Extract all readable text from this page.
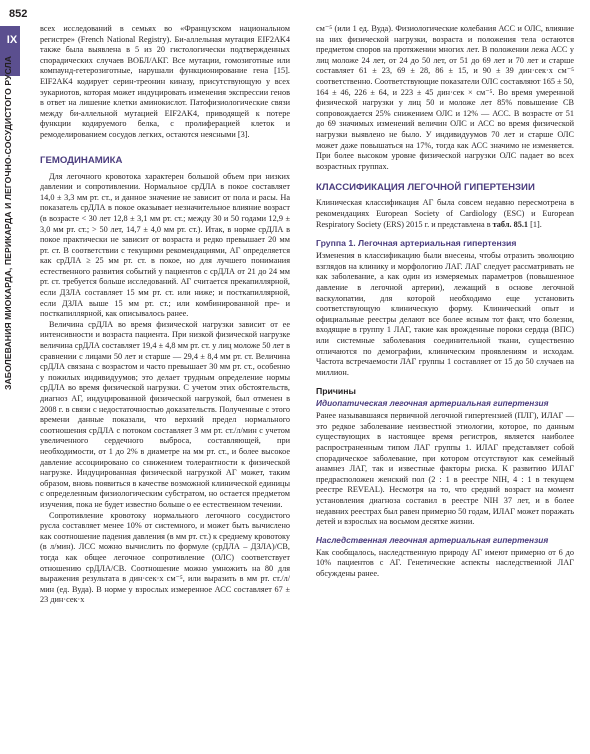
852
IX
ЗАБОЛЕВАНИЯ МИОКАРДА, ПЕРИКАРДА И ЛЕГОЧНО-СОСУДИСТОГО РУСЛА

всех исследований в семьях во «Французском национальном регистре» (French National Registry). Би-аллельная мутация EIF2AK4 также была выявлена в 5 из 20 гистологически подтвержденных спорадических случаев ВОБЛ/АКГ. Все мутации, гомозиготные или компаунд-гетерозиготные, нарушали функционирование гена [15]. EIF2AK4 кодирует серин-треонин киназу, присутствующую у всех эукариотов, которая может индуцировать изменения экспрессии генов в ответ на лишение клетки аминокислот. Патофизиологические связи между би-аллельной мутацией EIF2AK4, приводящей к потере функции кодируемого белка, с пролиферацией клеток и ремоделированием сосудов легких, остаются неясными [3].

ГЕМОДИНАМИКА

Для легочного кровотока характерен большой объем при низких давлении и сопротивлении. Нормальное срДЛА в покое составляет 14,0 ± 3,3 мм рт. ст., и данное значение не зависит от пола и расы. На показатель срДЛА в покое оказывает незначительное влияние возраст (в возрасте < 30 лет 12,8 ± 3,1 мм рт. ст.; между 30 и 50 годами 12,9 ± 3,0 мм рт. ст.; > 50 лет, 14,7 ± 4,0 мм рт. ст.). Итак, в норме срДЛА в покое практически не зависит от возраста и редко превышает 20 мм рт. ст. В соответствии с текущими рекомендациями, АГ определяется как срДЛА ≥ 25 мм рт. ст. в покое, но для лучшего понимания естественного развития событий у пациентов с срДЛА от 21 до 24 мм рт. ст. требуется больше исследований. АГ считается прекапиллярной, если ДЗЛА составляет 15 мм рт. ст. или ниже; и посткапиллярной, если ДЗЛА выше 15 мм рт. ст.; или комбинированной пре- и посткапиллярной, как описывалось ранее.

Величина срДЛА во время физической нагрузки зависит от ее интенсивности и возраста пациента. При низкой физической нагрузке величина срДЛА составляет 19,4 ± 4,8 мм рт. ст. у лиц моложе 50 лет в сравнении с лицами 50 лет и старше — 29,4 ± 8,4 мм рт. ст. Величина срДЛА связана с возрастом и часто превышает 30 мм рт. ст., особенно у пожилых индивидуумов; это делает трудным определение нормы срДЛА во время физической нагрузки. С учетом этих обстоятельств, диагноз АГ, индуцированной физической нагрузкой, был отменен в 2008 г. в связи с недостаточностью доказательств. Полученные с этого времени данные показали, что верхний предел нормального соотношения срДЛА с потоком составляет 3 мм рт. ст./л/мин с учетом увеличенного сердечного выброса, составляющей, при необходимости, от 1 до 2% в диаметре на мм рт. ст., и более высокое давление ассоциировано со снижением толерантности к физической нагрузке. Индуцированная физической нагрузкой АГ может, таким образом, вновь появиться в качестве возможной клинической единицы с определенным физиологическим субстратом, но остается предметом изучения, пока не будет известно больше о ее естественном течении.

Сопротивление кровотоку нормального легочного сосудистого русла составляет менее 10% от системного, и может быть вычислено как соотношение падения давления (в мм рт. ст.) к среднему кровотоку (в л/мин). ЛСС можно вычислить по формуле (срДЛА – ДЗЛА)/СВ, тогда как общее легочное сопротивление (ОЛС) соответствует отношению срДЛА/СВ. Соотношение можно умножить на 80 для выражения результата в дин·сек·х см⁻⁵, или выразить в мм рт. ст./л/мин (ед. Вуда). В норме у взрослых измеренное АСС составляет 67 ± 23 дин·сек·х

см⁻⁵ (или 1 ед. Вуда). Физиологические колебания АСС и ОЛС, влияние на них физической нагрузки, возраста и положения тела остаются предметом споров на протяжении многих лет. В положении лежа АСС у лиц моложе 24 лет, от 24 до 50 лет, от 51 до 69 лет и 70 лет и старше составляет 61 ± 23, 69 ± 28, 86 ± 15, и 90 ± 39 дин·сек·х см⁻⁵ соответственно. Соответствующие показатели ОЛС составляют 165 ± 50, 164 ± 46, 226 ± 64, и 223 ± 45 дин·сек × см⁻⁵. Во время умеренной физической нагрузки у лиц 50 и моложе лет 85% повышение СВ сопровождается 25% снижением ОЛС и 12% — АСС. В возрасте от 51 до 69 значимых изменений величин ОЛС и АСС во время физической нагрузки выявлено не было. У индивидуумов 70 лет и старше ОЛС может даже повышаться на 17%, тогда как АСС значимо не изменяется. При более высоком уровне физической нагрузки ОЛС падает во всех возрастных группах.

КЛАССИФИКАЦИЯ ЛЕГОЧНОЙ ГИПЕРТЕНЗИИ

Клиническая классификация АГ была совсем недавно пересмотрена в рекомендациях European Society of Cardiology (ESC) и European Respiratory Society (ERS) 2015 г. и представлена в табл. 85.1 [1].

Группа 1. Легочная артериальная гипертензия

Изменения в классификацию были внесены, чтобы отразить эволюцию взглядов на клинику и морфологию ЛАГ. ЛАГ следует рассматривать не как заболевание, а как один из измеряемых параметров (повышенное давление в легочной артерии), лежащий в основе легочной васкулопатии, для которой необходимо еще установить соответствующую клиническую форму. Клинический опыт и официальные реестры делают все более ясным тот факт, что болезни, входящие в группу 1 ЛАГ, такие как врожденные пороки сердца (ВПС) или системные заболевания соединительной ткани, существенно отличаются по демографии, клиническим проявлениям и исходам. Частота встречаемости ЛАГ группы 1 составляет от 15 до 50 случаев на миллион.

Причины
Идиопатическая легочная артериальная гипертензия

Ранее называвшаяся первичной легочной гипертензией (ПЛГ), ИЛАГ — это редкое заболевание неизвестной этиологии, которое, по данным существующих в настоящее время регистров, является наиболее распространенным типом ЛАГ группы 1. ИЛАГ представляет собой спорадическое заболевание, при котором отсутствуют как семейный анамнез ЛАГ, так и известные факторы риска. К развитию ИЛАГ предрасположен женский пол (2 : 1 в реестре NIH, 4 : 1 в текущем реестре REVEAL). Несмотря на то, что средний возраст на момент установления диагноза составил в реестре NIH 37 лет, и в более недавних реестрах был равен примерно 50 годам, ИЛАГ может поражать детей и взрослых на восьмом десятке жизни.

Наследственная легочная артериальная гипертензия

Как сообщалось, наследственную природу АГ имеют примерно от 6 до 10% пациентов с АГ. Генетические аспекты наследственной ЛАГ обсуждены ранее.
